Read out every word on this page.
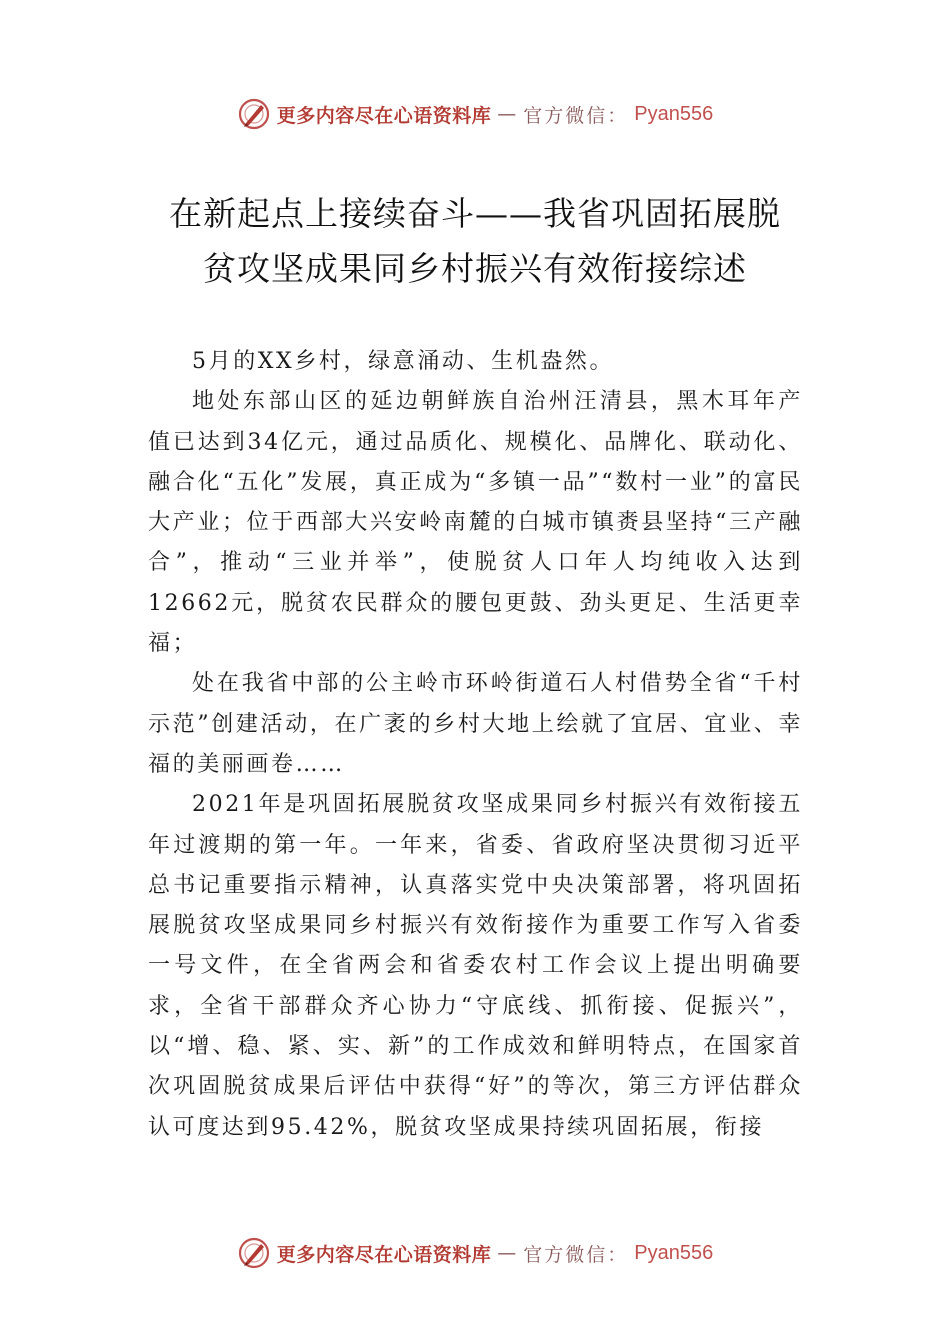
更多内容尽在心语资料库 — 官方微信： Pyan556
在新起点上接续奋斗——我省巩固拓展脱
贫攻坚成果同乡村振兴有效衔接综述

5月的XX乡村，绿意涌动、生机盎然。

地处东部山区的延边朝鲜族自治州汪清县，黑木耳年产值已达到34亿元，通过品质化、规模化、品牌化、联动化、融合化“五化”发展，真正成为“多镇一品”“数村一业”的富民大产业；位于西部大兴安岭南麓的白城市镇赉县坚持“三产融合”，推动“三业并举”，使脱贫人口年人均纯收入达到12662元，脱贫农民群众的腰包更鼓、劲头更足、生活更幸福；

处在我省中部的公主岭市环岭街道石人村借势全省“千村示范”创建活动，在广袤的乡村大地上绘就了宜居、宜业、幸福的美丽画卷……

2021年是巩固拓展脱贫攻坚成果同乡村振兴有效衔接五年过渡期的第一年。一年来，省委、省政府坚决贯彻习近平总书记重要指示精神，认真落实党中央决策部署，将巩固拓展脱贫攻坚成果同乡村振兴有效衔接作为重要工作写入省委一号文件，在全省两会和省委农村工作会议上提出明确要求，全省干部群众齐心协力“守底线、抓衔接、促振兴”，以“增、稳、紧、实、新”的工作成效和鲜明特点，在国家首次巩固脱贫成果后评估中获得“好”的等次，第三方评估群众认可度达到95.42%，脱贫攻坚成果持续巩固拓展，衔接

更多内容尽在心语资料库 — 官方微信： Pyan556
